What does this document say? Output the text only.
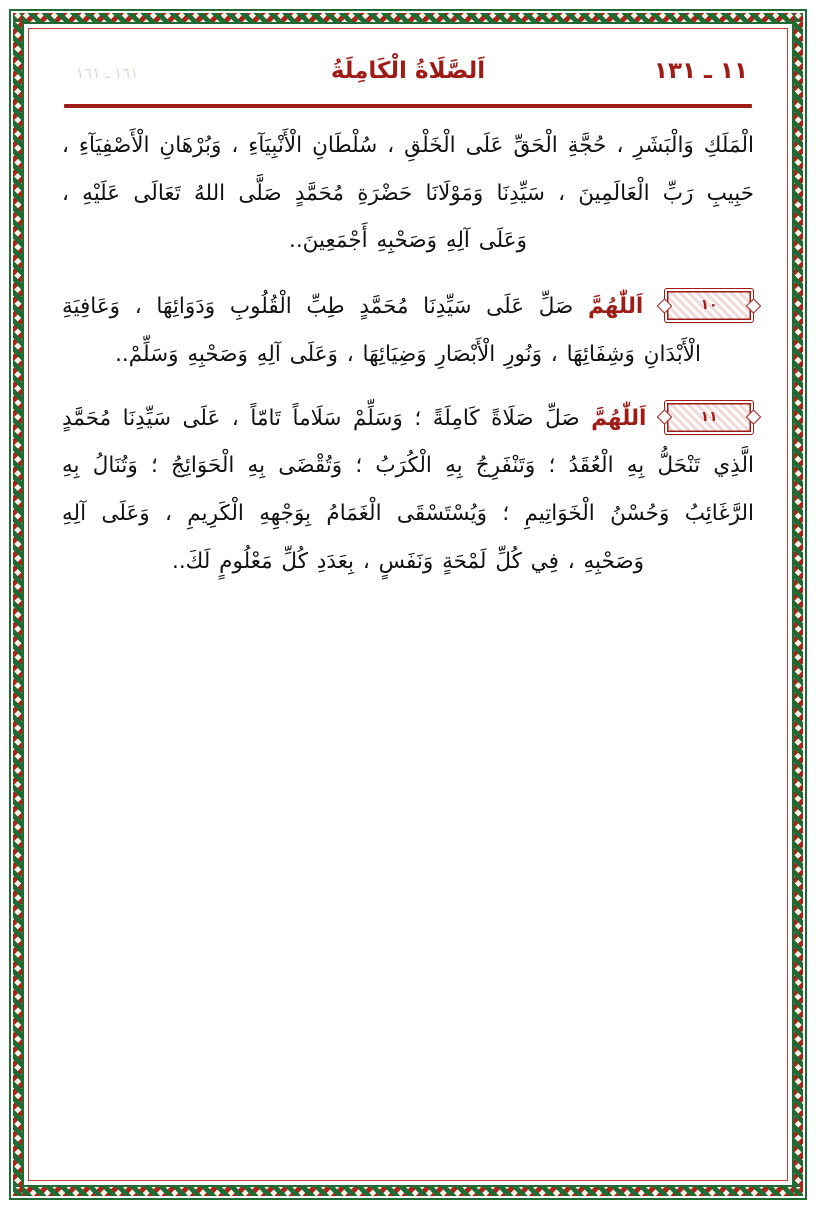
١١ ـ ١٣١
اَلصَّلَاةُ الْكَامِلَةُ
١٦١ ـ ١٦١

الْمَلَكِ وَالْبَشَرِ ، حُجَّةِ الْحَقِّ عَلَى الْخَلْقِ ، سُلْطَانِ الْأَنْبِيَآءِ ، وَبُرْهَانِ الْأَصْفِيَآءِ ، حَبِيبِ رَبِّ الْعَالَمِينَ ، سَيِّدِنَا وَمَوْلَانَا حَضْرَةِ مُحَمَّدٍ صَلَّى اللهُ تَعَالَى عَلَيْهِ ، وَعَلَى آلِهِ وَصَحْبِهِ أَجْمَعِينَ..

١٠ اَللّٰهُمَّ صَلِّ عَلَى سَيِّدِنَا مُحَمَّدٍ طِبِّ الْقُلُوبِ وَدَوَائِهَا ، وَعَافِيَةِ الْأَبْدَانِ وَشِفَائِهَا ، وَنُورِ الْأَبْصَارِ وَضِيَائِهَا ، وَعَلَى آلِهِ وَصَحْبِهِ وَسَلِّمْ..

١١ اَللّٰهُمَّ صَلِّ صَلَاةً كَامِلَةً ؛ وَسَلِّمْ سَلَاماً تَامّاً ، عَلَى سَيِّدِنَا مُحَمَّدٍ الَّذِي تَنْحَلُّ بِهِ الْعُقَدُ ؛ وَتَنْفَرِجُ بِهِ الْكُرَبُ ؛ وَتُقْضَى بِهِ الْحَوَائِجُ ؛ وَتُنَالُ بِهِ الرَّغَائِبُ وَحُسْنُ الْخَوَاتِيمِ ؛ وَيُسْتَسْقَى الْغَمَامُ بِوَجْهِهِ الْكَرِيمِ ، وَعَلَى آلِهِ وَصَحْبِهِ ، فِي كُلِّ لَمْحَةٍ وَنَفَسٍ ، بِعَدَدِ كُلِّ مَعْلُومٍ لَكَ..
